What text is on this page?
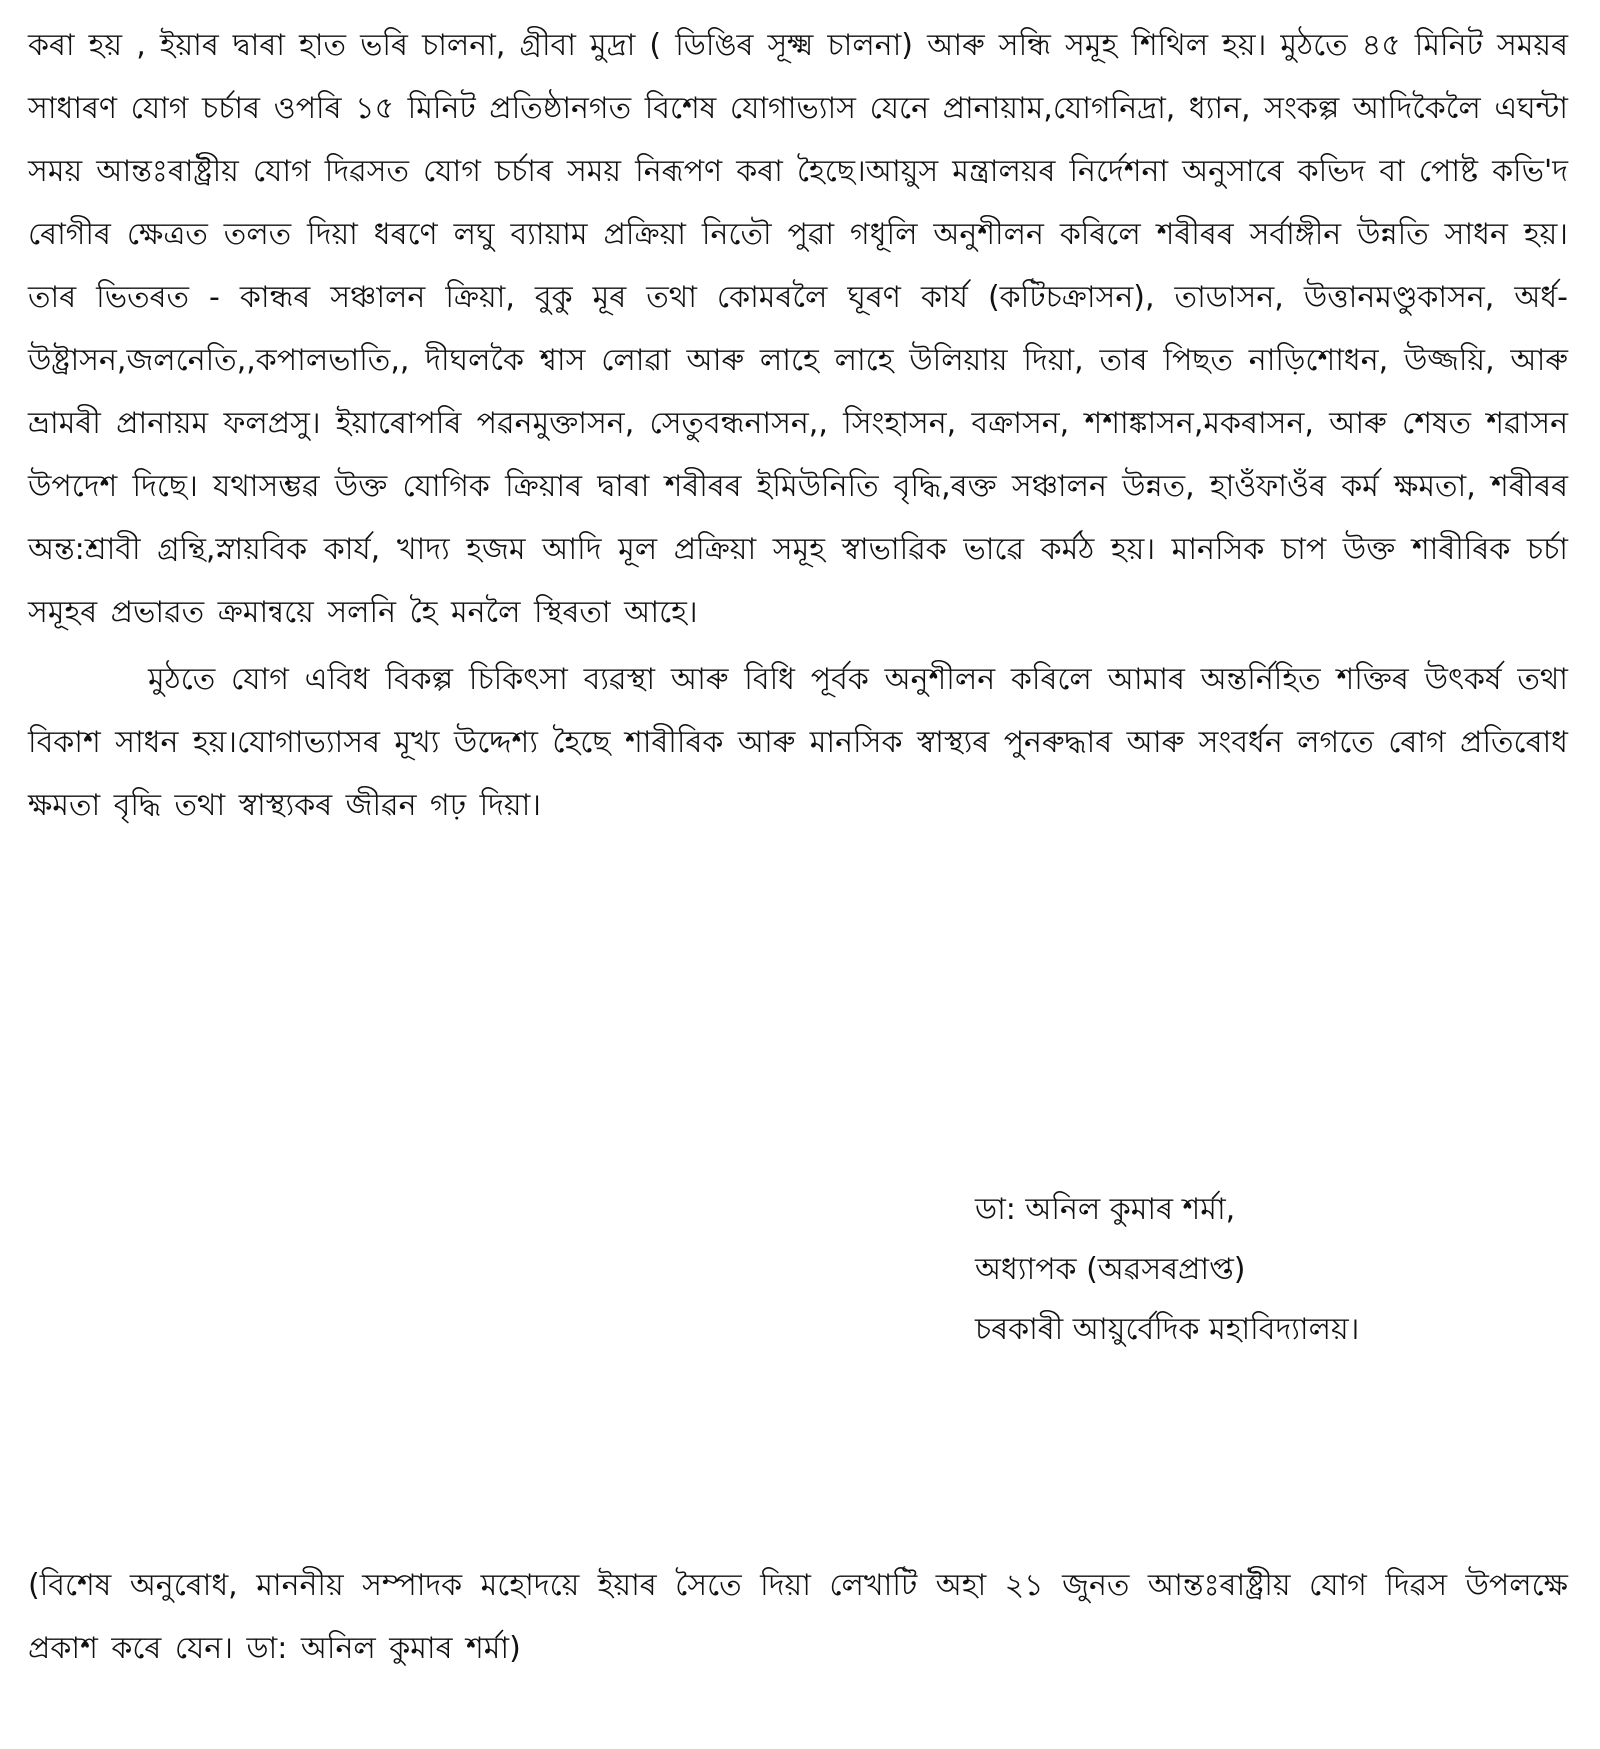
কৰা হয় , ইয়াৰ দ্বাৰা হাত ভৰি চালনা, গ্ৰীবা মুদ্ৰা ( ডিঙিৰ সূক্ষ্ম চালনা) আৰু সন্ধি সমূহ শিথিল হয়। মুঠতে ৪৫ মিনিট সময়ৰ সাধাৰণ যোগ চৰ্চাৰ ওপৰি ১৫ মিনিট প্ৰতিষ্ঠানগত বিশেষ যোগাভ্যাস যেনে প্ৰানায়াম,যোগনিদ্ৰা, ধ্যান, সংকল্প আদিকৈলৈ এঘন্টা সময় আন্তঃৰাষ্ট্ৰীয় যোগ দিৱসত যোগ চৰ্চাৰ সময় নিৰূপণ কৰা হৈছে।আয়ুস মন্ত্ৰালয়ৰ নিৰ্দেশনা অনুসাৰে কভিদ বা পোষ্ট কভি'দ ৰোগীৰ ক্ষেত্ৰত তলত দিয়া ধৰণে লঘু ব্যায়াম প্ৰক্ৰিয়া নিতৌ পুৱা গধূলি অনুশীলন কৰিলে শৰীৰৰ সৰ্বাঙ্গীন উন্নতি সাধন হয়। তাৰ ভিতৰত - কান্ধৰ সঞ্চালন ক্ৰিয়া, বুকু মূৰ তথা কোমৰলৈ ঘূৰণ কাৰ্য (কটিচক্ৰাসন), তাডাসন, উত্তানমণ্ডুকাসন, অৰ্ধ-উষ্ট্ৰাসন,জলনেতি,,কপালভাতি,, দীঘলকৈ শ্বাস লোৱা আৰু লাহে লাহে উলিয়ায় দিয়া, তাৰ পিছত নাড়িশোধন, উজ্জয়ি, আৰু ভ্ৰামৰী প্ৰানায়ম ফলপ্ৰসু। ইয়াৰোপৰি পৱনমুক্তাসন, সেতুবন্ধনাসন,, সিংহাসন, বক্ৰাসন, শশাঙ্কাসন,মকৰাসন, আৰু শেষত শৱাসন উপদেশ দিছে। যথাসম্ভৱ উক্ত যোগিক ক্ৰিয়াৰ দ্বাৰা শৰীৰৰ ইমিউনিতি বৃদ্ধি,ৰক্ত সঞ্চালন উন্নত, হাওঁফাওঁৰ কৰ্ম ক্ষমতা, শৰীৰৰ অন্ত:শ্ৰাবী গ্ৰন্থি,স্নায়বিক কাৰ্য, খাদ্য হজম আদি মূল প্ৰক্ৰিয়া সমূহ স্বাভাৱিক ভাৱে কৰ্মঠ হয়। মানসিক চাপ উক্ত শাৰীৰিক চৰ্চা সমূহৰ প্ৰভাৱত ক্ৰমান্বয়ে সলনি হৈ মনলৈ স্থিৰতা আহে।

মুঠতে যোগ এবিধ বিকল্প চিকিৎসা ব্যৱস্থা আৰু বিধি পূৰ্বক অনুশীলন কৰিলে আমাৰ অন্তৰ্নিহিত শক্তিৰ উৎকৰ্ষ তথা বিকাশ সাধন হয়।যোগাভ্যাসৰ মূখ্য উদ্দেশ্য হৈছে শাৰীৰিক আৰু মানসিক স্বাস্থ্যৰ পুনৰুদ্ধাৰ আৰু সংবৰ্ধন লগতে ৰোগ প্ৰতিৰোধ ক্ষমতা বৃদ্ধি তথা স্বাস্থ্যকৰ জীৱন গঢ় দিয়া।

ডা: অনিল কুমাৰ শৰ্মা,
অধ্যাপক (অৱসৰপ্ৰাপ্ত)
চৰকাৰী আয়ুৰ্বেদিক মহাবিদ্যালয়।

(বিশেষ অনুৰোধ, মাননীয় সম্পাদক মহোদয়ে ইয়াৰ সৈতে দিয়া লেখাটি অহা ২১ জুনত আন্তঃৰাষ্ট্ৰীয় যোগ দিৱস উপলক্ষে প্ৰকাশ কৰে যেন। ডা: অনিল কুমাৰ শৰ্মা)
